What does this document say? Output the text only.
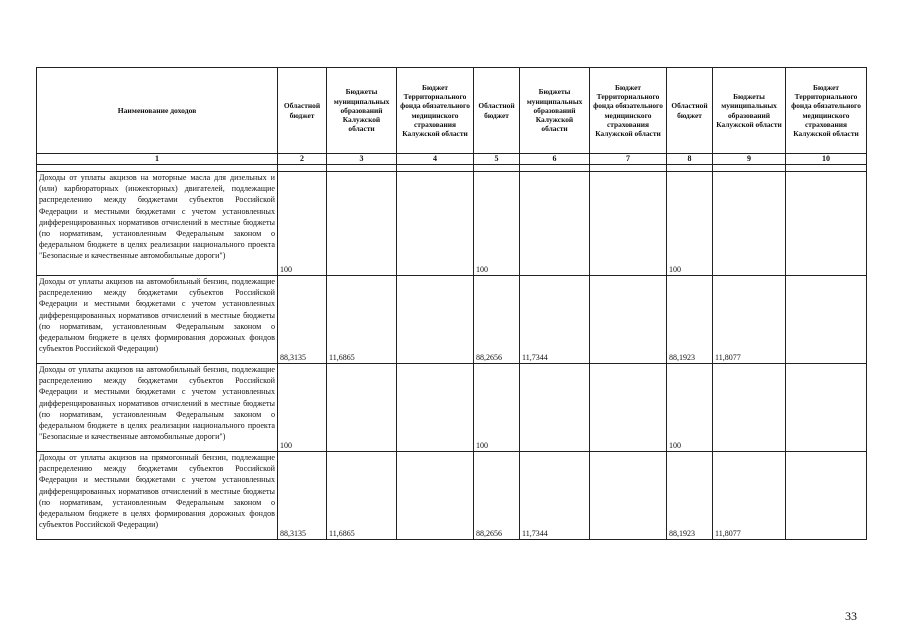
Наименование доходов	Областной бюджет	Бюджеты муниципальных образований Калужской области	Бюджет Территориального фонда обязательного медицинского страхования Калужской области	Областной бюджет	Бюджеты муниципальных образований Калужской области	Бюджет Территориального фонда обязательного медицинского страхования Калужской области	Областной бюджет	Бюджеты муниципальных образований Калужской области	Бюджет Территориального фонда обязательного медицинского страхования Калужской области
1	2	3	4	5	6	7	8	9	10

Доходы от уплаты акцизов на моторные масла для дизельных и (или) карбюраторных (инжекторных) двигателей, подлежащие распределению между бюджетами субъектов Российской Федерации и местными бюджетами с учетом установленных дифференцированных нормативов отчислений в местные бюджеты (по нормативам, установленным Федеральным законом о федеральном бюджете в целях реализации национального проекта "Безопасные и качественные автомобильные дороги")	100			100			100		
Доходы от уплаты акцизов на автомобильный бензин, подлежащие распределению между бюджетами субъектов Российской Федерации и местными бюджетами с учетом установленных дифференцированных нормативов отчислений в местные бюджеты (по нормативам, установленным Федеральным законом о федеральном бюджете в целях формирования дорожных фондов субъектов Российской Федерации)	88,3135	11,6865		88,2656	11,7344		88,1923	11,8077	
Доходы от уплаты акцизов на автомобильный бензин, подлежащие распределению между бюджетами субъектов Российской Федерации и местными бюджетами с учетом установленных дифференцированных нормативов отчислений в местные бюджеты (по нормативам, установленным Федеральным законом о федеральном бюджете в целях реализации национального проекта "Безопасные и качественные автомобильные дороги")	100			100			100		
Доходы от уплаты акцизов на прямогонный бензин, подлежащие распределению между бюджетами субъектов Российской Федерации и местными бюджетами с учетом установленных дифференцированных нормативов отчислений в местные бюджеты (по нормативам, установленным Федеральным законом о федеральном бюджете в целях формирования дорожных фондов субъектов Российской Федерации)	88,3135	11,6865		88,2656	11,7344		88,1923	11,8077	
33
